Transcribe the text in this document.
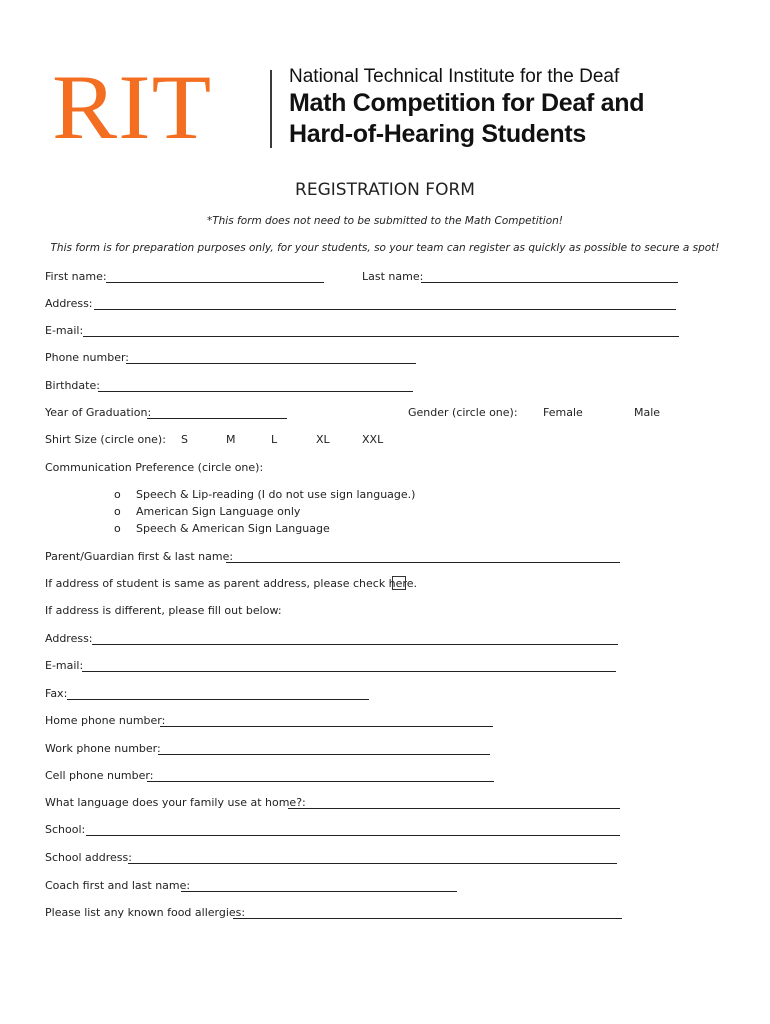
RIT	National Technical Institute for the Deaf
Math Competition for Deaf and
Hard-of-Hearing Students
REGISTRATION FORM
*This form does not need to be submitted to the Math Competition!
This form is for preparation purposes only, for your students, so your team can register as quickly as possible to secure a spot!
First name:	Last name:
Address:
E-mail:
Phone number:
Birthdate:
Year of Graduation:	Gender (circle one): Female	Male
Shirt Size (circle one): S	M	L	XL	XXL
Communication Preference (circle one):
o Speech & Lip-reading (I do not use sign language.)
o American Sign Language only
o Speech & American Sign Language
Parent/Guardian first & last name:
If address of student is same as parent address, please check here.
If address is different, please fill out below:
Address:
E-mail:
Fax:
Home phone number:
Work phone number:
Cell phone number:
What language does your family use at home?:
School:
School address:
Coach first and last name:
Please list any known food allergies:
